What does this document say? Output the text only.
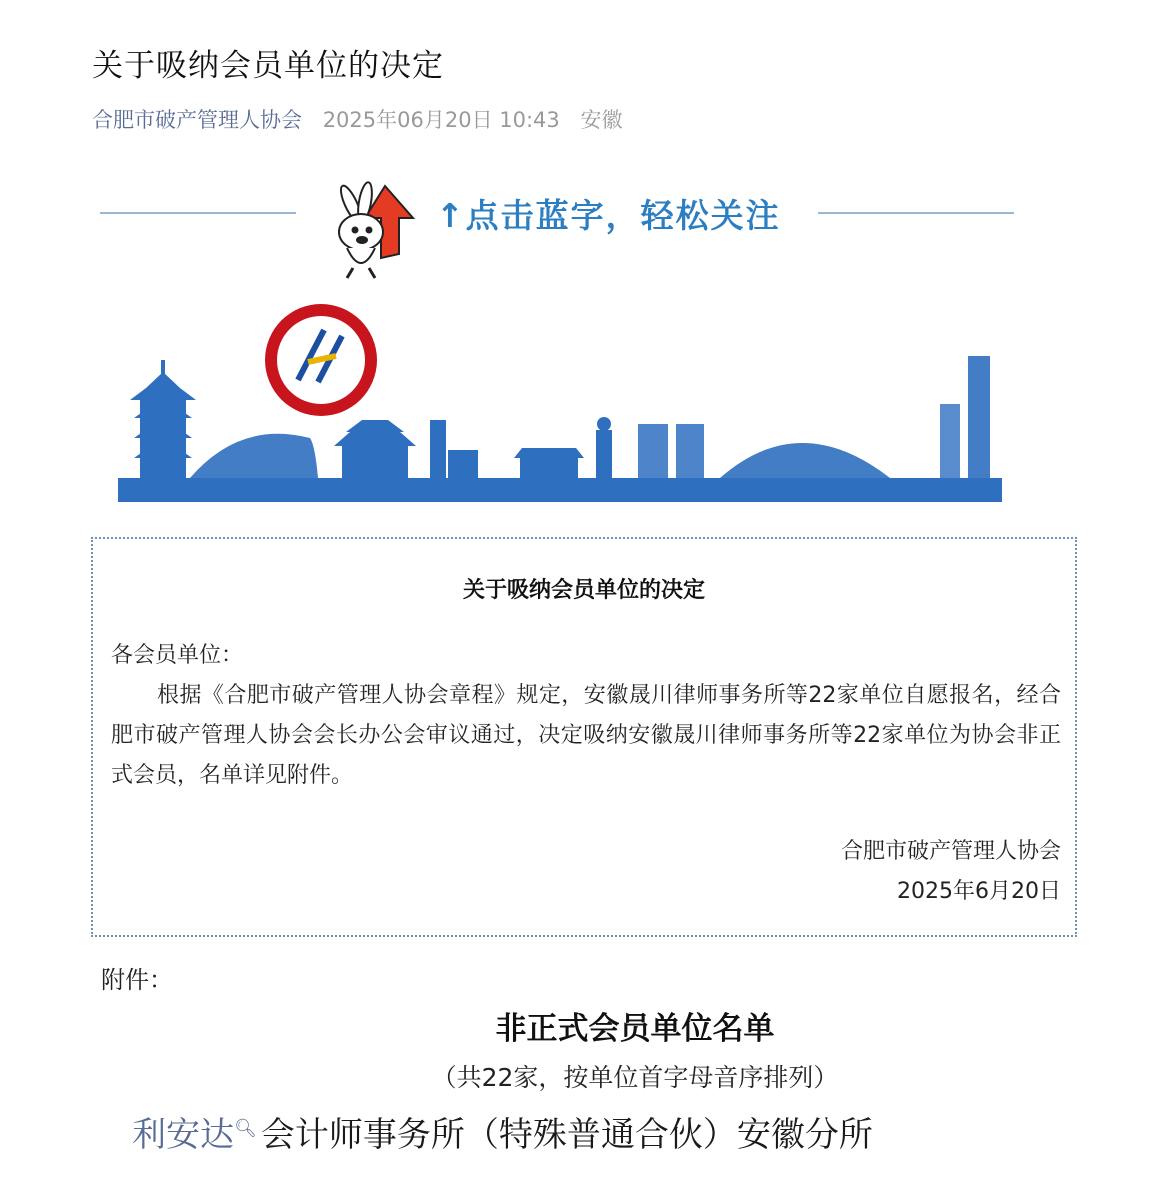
关于吸纳会员单位的决定
合肥市破产管理人协会 2025年06月20日 10:43 安徽
↑点击蓝字，轻松关注
关于吸纳会员单位的决定
各会员单位：
根据《合肥市破产管理人协会章程》规定，安徽晟川律师事务所等22家单位自愿报名，经合肥市破产管理人协会会长办公会审议通过，决定吸纳安徽晟川律师事务所等22家单位为协会非正式会员，名单详见附件。
合肥市破产管理人协会
2025年6月20日
附件：
非正式会员单位名单
（共22家，按单位首字母音序排列）
利安达🔍︎ 会计师事务所（特殊普通合伙）安徽分所
